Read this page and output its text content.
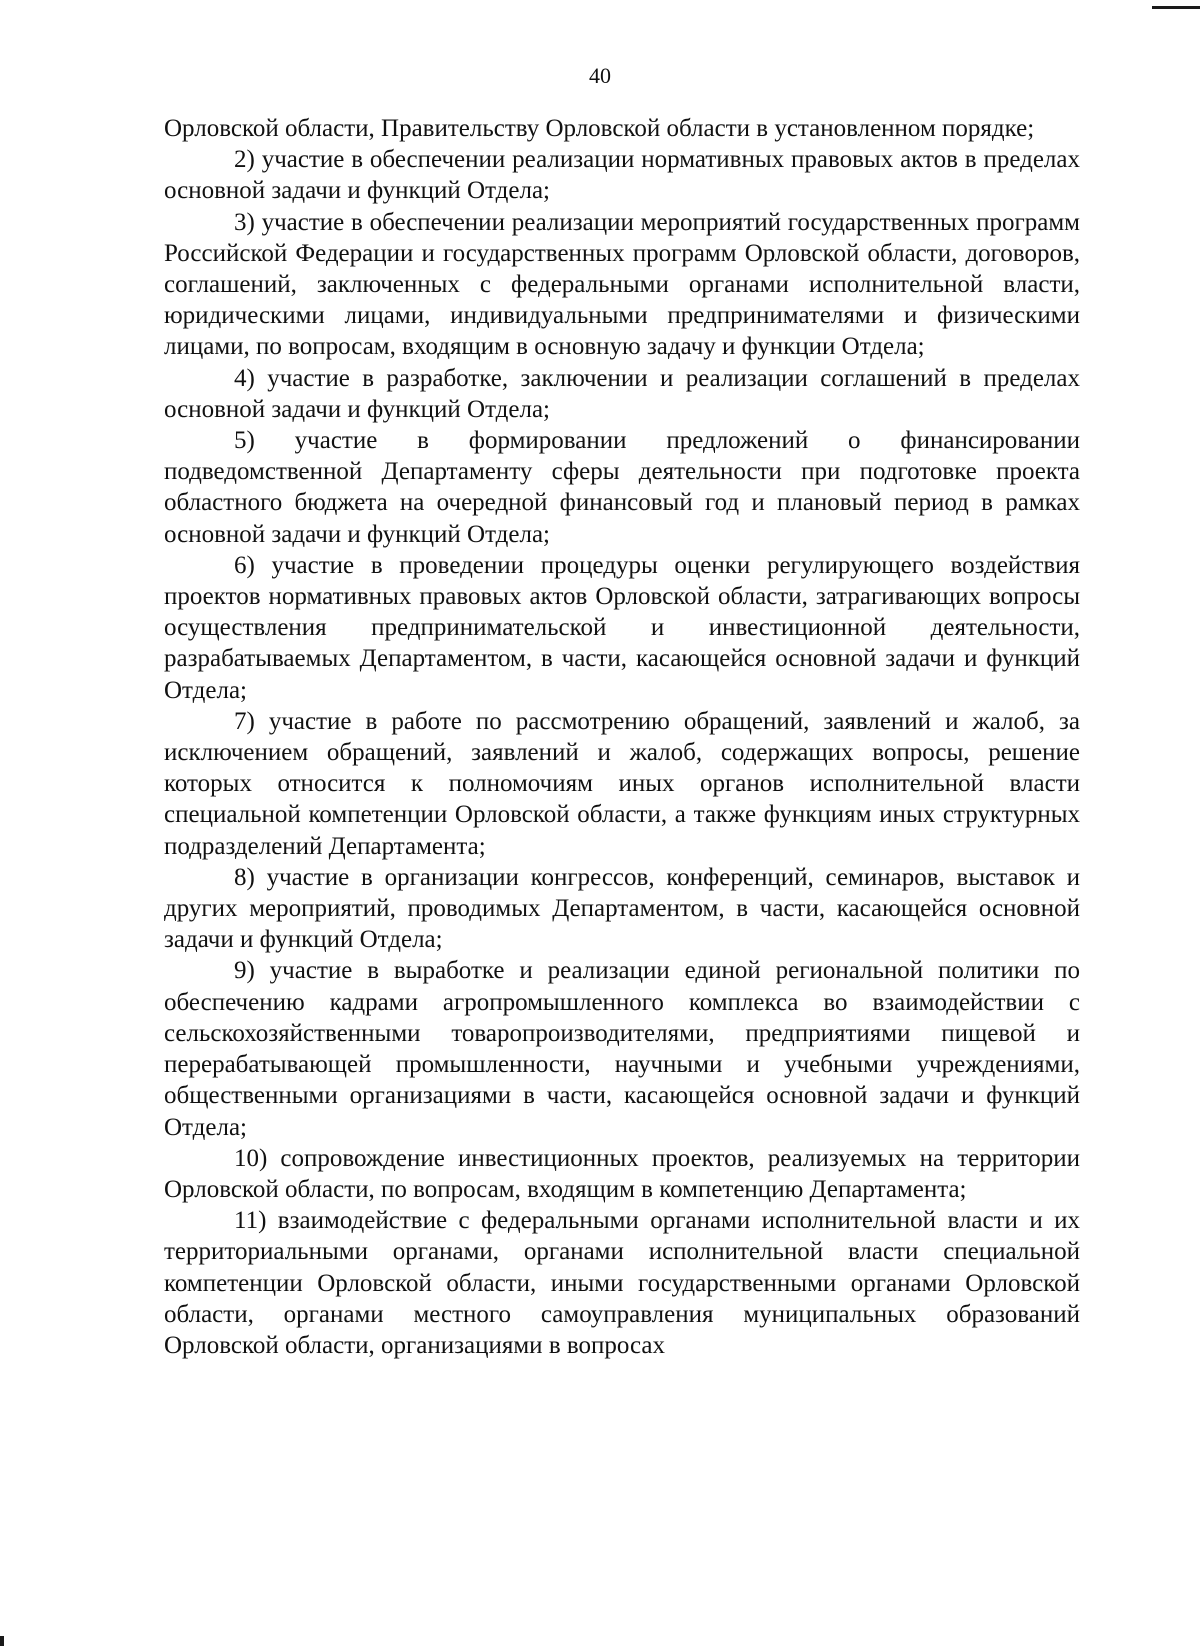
40

Орловской области, Правительству Орловской области в установленном порядке;

2) участие в обеспечении реализации нормативных правовых актов в пределах основной задачи и функций Отдела;

3) участие в обеспечении реализации мероприятий государственных программ Российской Федерации и государственных программ Орловской области, договоров, соглашений, заключенных с федеральными органами исполнительной власти, юридическими лицами, индивидуальными предпринимателями и физическими лицами, по вопросам, входящим в основную задачу и функции Отдела;

4) участие в разработке, заключении и реализации соглашений в пределах основной задачи и функций Отдела;

5) участие в формировании предложений о финансировании подведомственной Департаменту сферы деятельности при подготовке проекта областного бюджета на очередной финансовый год и плановый период в рамках основной задачи и функций Отдела;

6) участие в проведении процедуры оценки регулирующего воздействия проектов нормативных правовых актов Орловской области, затрагивающих вопросы осуществления предпринимательской и инвестиционной деятельности, разрабатываемых Департаментом, в части, касающейся основной задачи и функций Отдела;

7) участие в работе по рассмотрению обращений, заявлений и жалоб, за исключением обращений, заявлений и жалоб, содержащих вопросы, решение которых относится к полномочиям иных органов исполнительной власти специальной компетенции Орловской области, а также функциям иных структурных подразделений Департамента;

8) участие в организации конгрессов, конференций, семинаров, выставок и других мероприятий, проводимых Департаментом, в части, касающейся основной задачи и функций Отдела;

9) участие в выработке и реализации единой региональной политики по обеспечению кадрами агропромышленного комплекса во взаимодействии с сельскохозяйственными товаропроизводителями, предприятиями пищевой и перерабатывающей промышленности, научными и учебными учреждениями, общественными организациями в части, касающейся основной задачи и функций Отдела;

10) сопровождение инвестиционных проектов, реализуемых на территории Орловской области, по вопросам, входящим в компетенцию Департамента;

11) взаимодействие с федеральными органами исполнительной власти и их территориальными органами, органами исполнительной власти специальной компетенции Орловской области, иными государственными органами Орловской области, органами местного самоуправления муниципальных образований Орловской области, организациями в вопросах
